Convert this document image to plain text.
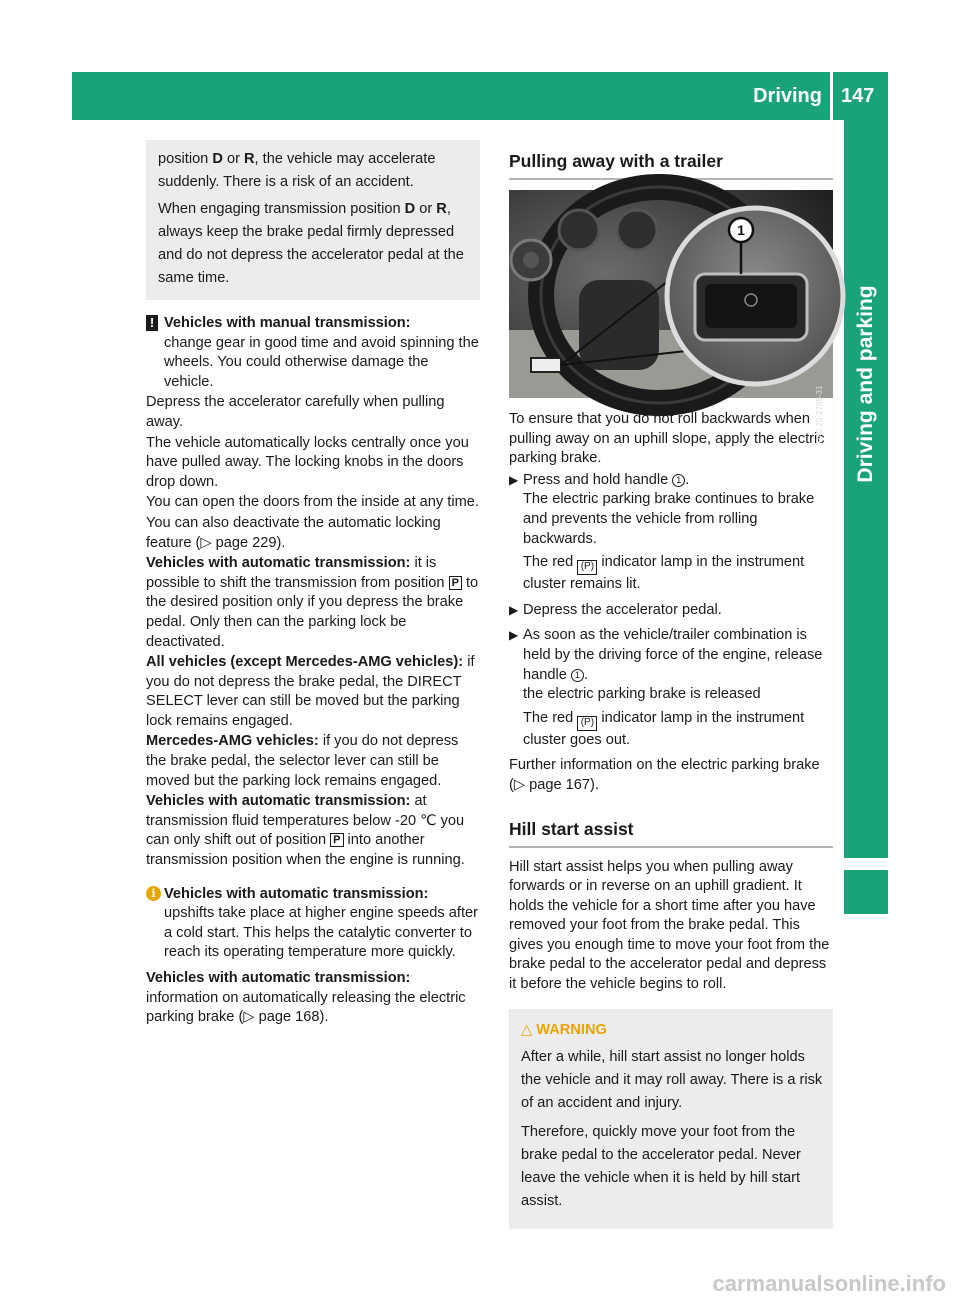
Driving 147
Driving and parking

position D or R, the vehicle may accelerate suddenly. There is a risk of an accident.

When engaging transmission position D or R, always keep the brake pedal firmly depressed and do not depress the accelerator pedal at the same time.

! Vehicles with manual transmission:

change gear in good time and avoid spinning the wheels. You could otherwise damage the vehicle.

Depress the accelerator carefully when pulling away.

The vehicle automatically locks centrally once you have pulled away. The locking knobs in the doors drop down.

You can open the doors from the inside at any time.

You can also deactivate the automatic locking feature (▷ page 229).

Vehicles with automatic transmission: it is possible to shift the transmission from position P to the desired position only if you depress the brake pedal. Only then can the parking lock be deactivated.

All vehicles (except Mercedes-AMG vehicles): if you do not depress the brake pedal, the DIRECT SELECT lever can still be moved but the parking lock remains engaged.

Mercedes-AMG vehicles: if you do not depress the brake pedal, the selector lever can still be moved but the parking lock remains engaged.

Vehicles with automatic transmission: at transmission fluid temperatures below -20 ℃ you can only shift out of position P into another transmission position when the engine is running.

i Vehicles with automatic transmission:

upshifts take place at higher engine speeds after a cold start. This helps the catalytic converter to reach its operating temperature more quickly.

Vehicles with automatic transmission: information on automatically releasing the electric parking brake (▷ page 168).

Pulling away with a trailer
1
P42.20-2735-31

To ensure that you do not roll backwards when pulling away on an uphill slope, apply the electric parking brake.

▶ Press and hold handle 1 .

The electric parking brake continues to brake and prevents the vehicle from rolling backwards.

The red (P) indicator lamp in the instrument cluster remains lit.

▶ Depress the accelerator pedal.

▶ As soon as the vehicle/trailer combination is held by the driving force of the engine, release handle 1 .

the electric parking brake is released

The red (P) indicator lamp in the instrument cluster goes out.

Further information on the electric parking brake (▷ page 167).

Hill start assist

Hill start assist helps you when pulling away forwards or in reverse on an uphill gradient. It holds the vehicle for a short time after you have removed your foot from the brake pedal. This gives you enough time to move your foot from the brake pedal to the accelerator pedal and depress it before the vehicle begins to roll.

△ WARNING

After a while, hill start assist no longer holds the vehicle and it may roll away. There is a risk of an accident and injury.

Therefore, quickly move your foot from the brake pedal to the accelerator pedal. Never leave the vehicle when it is held by hill start assist.

carmanualsonline.info
